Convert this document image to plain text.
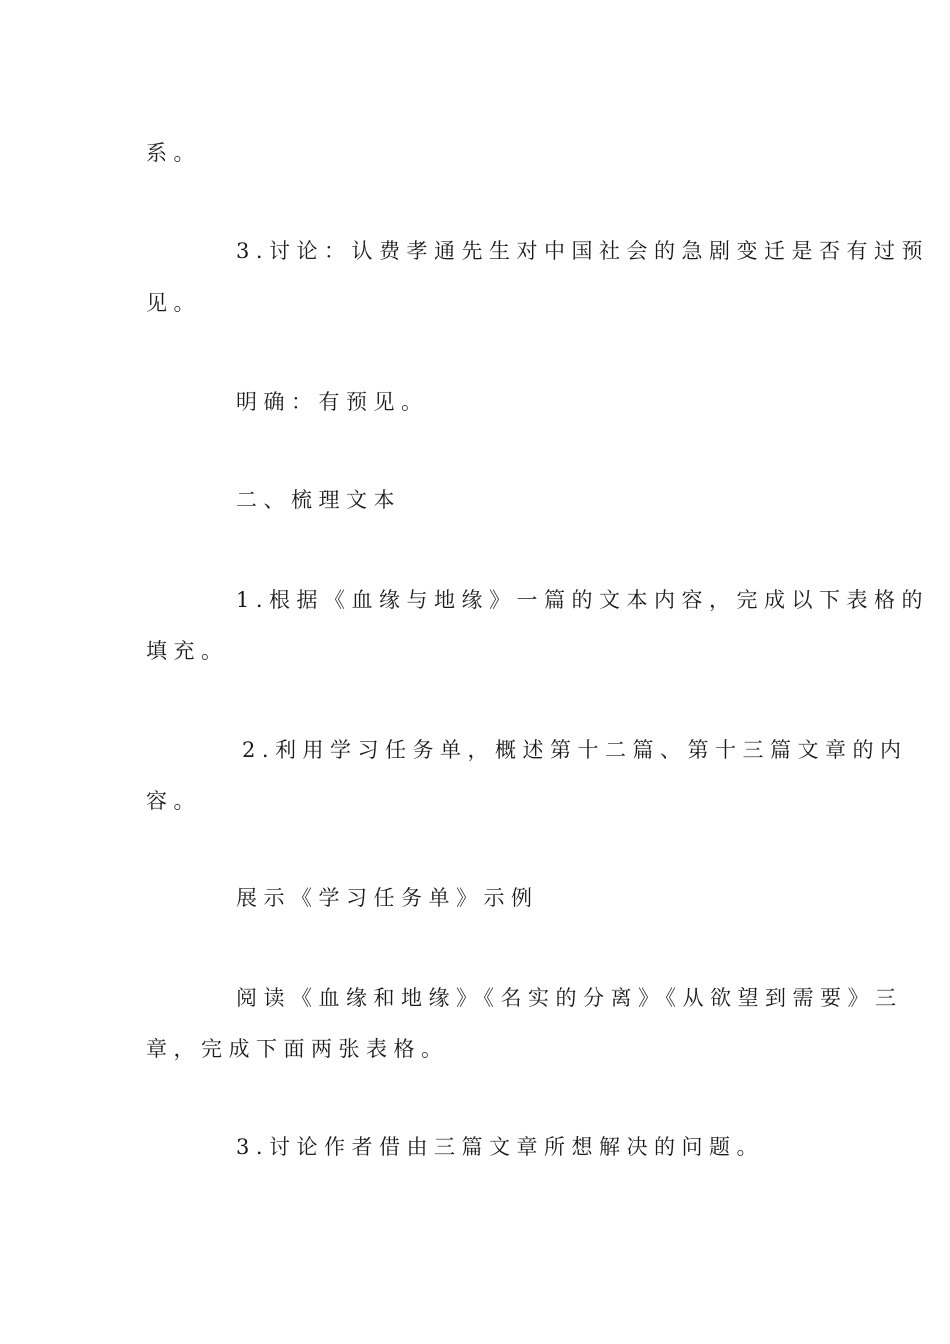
系。
3.讨论：认费孝通先生对中国社会的急剧变迁是否有过预
见。
明确：有预见。
二、梳理文本
1.根据《血缘与地缘》一篇的文本内容，完成以下表格的
填充。
2.利用学习任务单，概述第十二篇、第十三篇文章的内
容。
展示《学习任务单》示例
阅读《血缘和地缘》《名实的分离》《从欲望到需要》三
章，完成下面两张表格。
3.讨论作者借由三篇文章所想解决的问题。
